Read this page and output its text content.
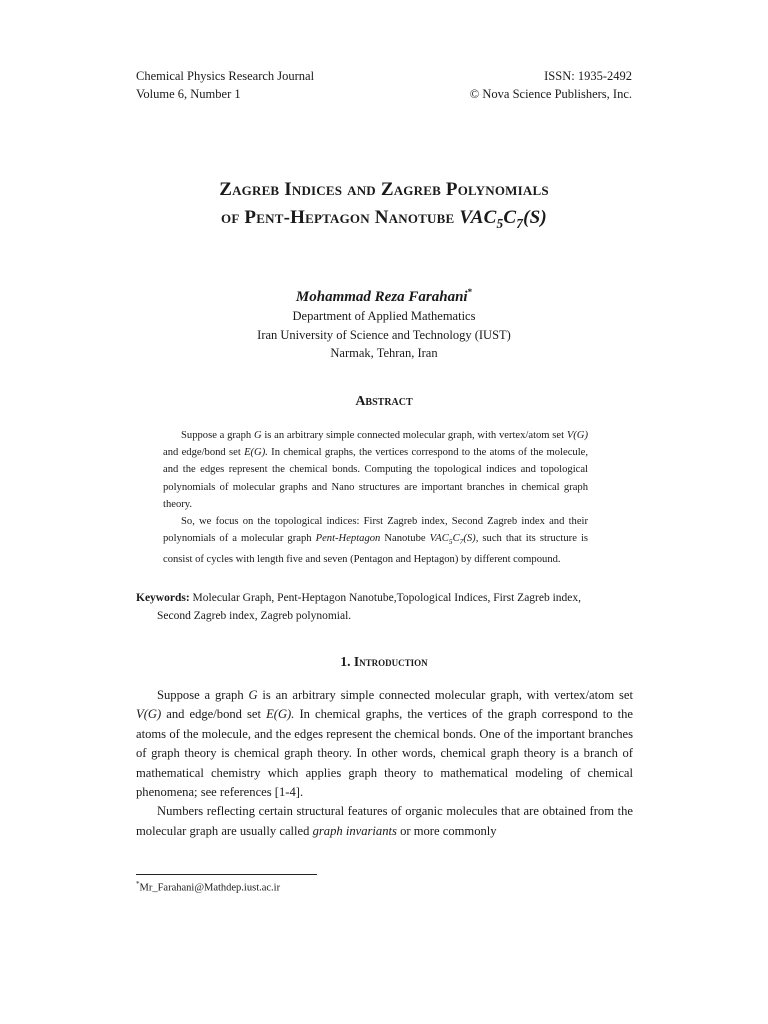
Chemical Physics Research Journal
Volume 6, Number 1
ISSN: 1935-2492
© Nova Science Publishers, Inc.
Zagreb Indices and Zagreb Polynomials
of Pent-Heptagon Nanotube $VAC_5C_7(S)$
Mohammad Reza Farahani*
Department of Applied Mathematics
Iran University of Science and Technology (IUST)
Narmak, Tehran, Iran
Abstract

Suppose a graph G is an arbitrary simple connected molecular graph, with vertex/atom set V(G) and edge/bond set E(G). In chemical graphs, the vertices correspond to the atoms of the molecule, and the edges represent the chemical bonds. Computing the topological indices and topological polynomials of molecular graphs and Nano structures are important branches in chemical graph theory.

So, we focus on the topological indices: First Zagreb index, Second Zagreb index and their polynomials of a molecular graph Pent-Heptagon Nanotube $VAC_5C_7(S)$, such that its structure is consist of cycles with length five and seven (Pentagon and Heptagon) by different compound.

Keywords: Molecular Graph, Pent-Heptagon Nanotube,Topological Indices, First Zagreb index,
Second Zagreb index, Zagreb polynomial.
1. Introduction

Suppose a graph G is an arbitrary simple connected molecular graph, with vertex/atom set V(G) and edge/bond set E(G). In chemical graphs, the vertices of the graph correspond to the atoms of the molecule, and the edges represent the chemical bonds. One of the important branches of graph theory is chemical graph theory. In other words, chemical graph theory is a branch of mathematical chemistry which applies graph theory to mathematical modeling of chemical phenomena; see references [1-4].

Numbers reflecting certain structural features of organic molecules that are obtained from the molecular graph are usually called graph invariants or more commonly

*Mr_Farahani@Mathdep.iust.ac.ir
